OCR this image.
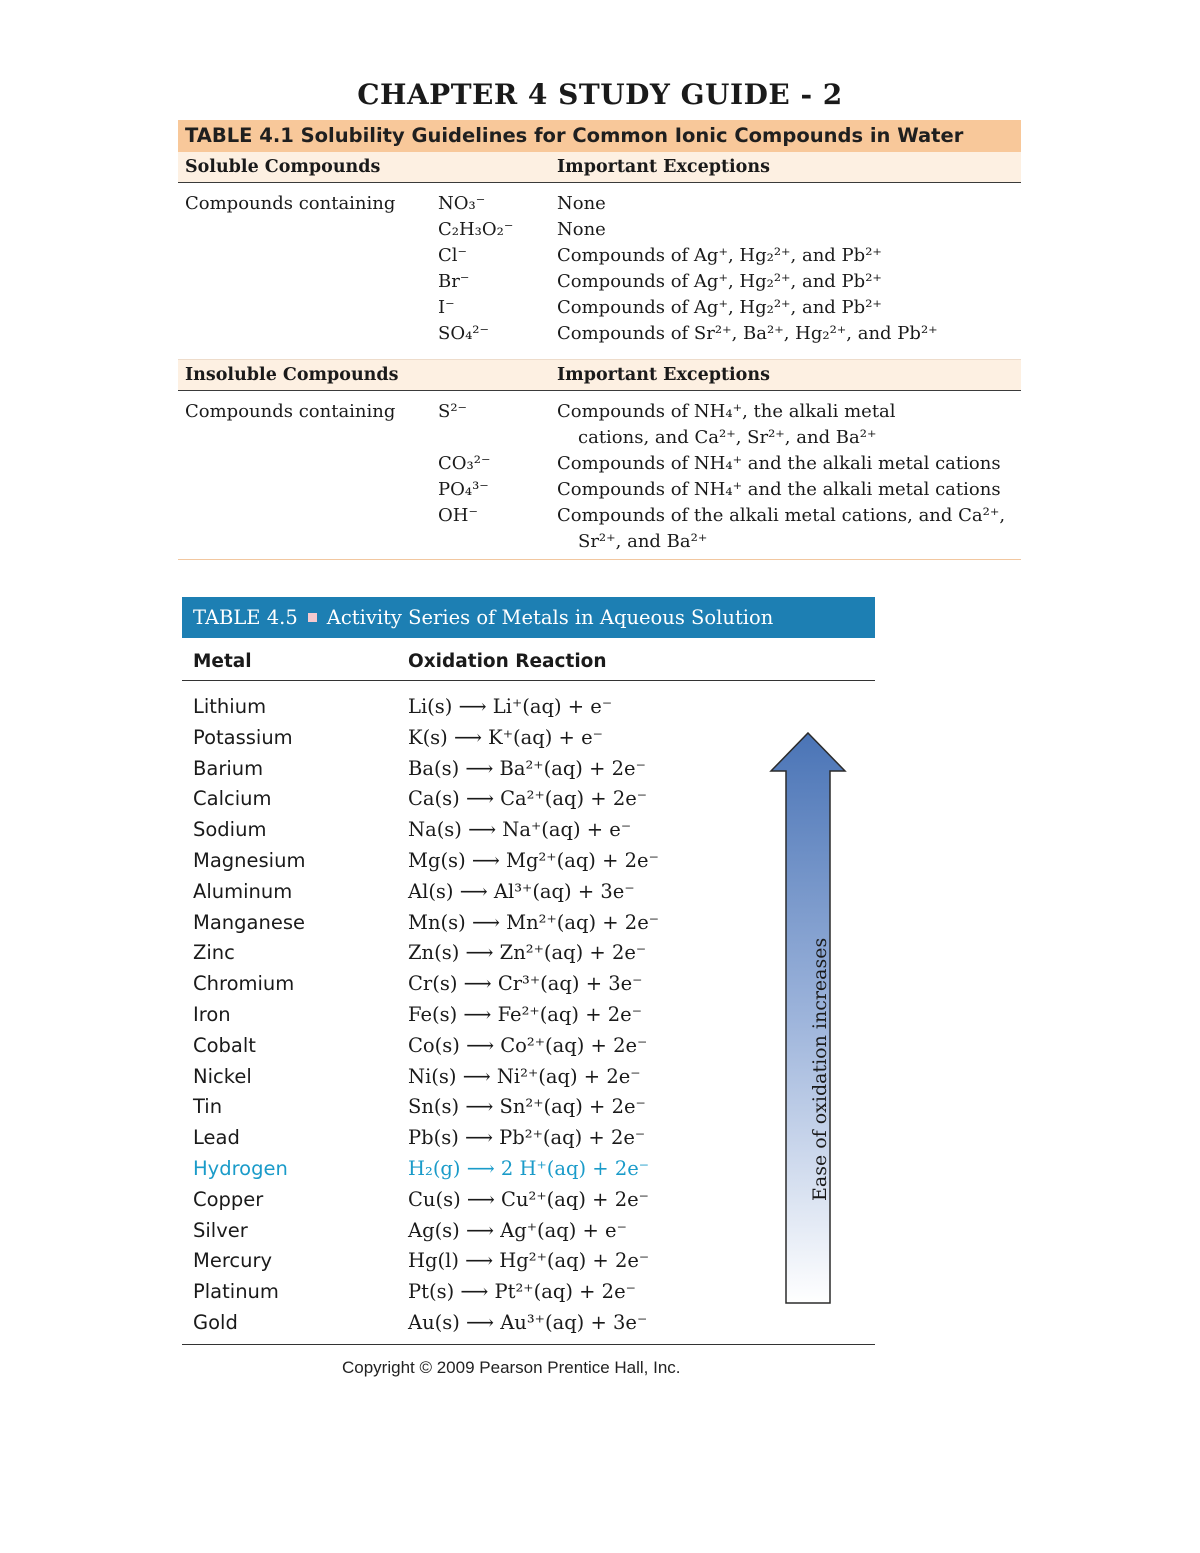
CHAPTER 4 STUDY GUIDE - 2
TABLE 4.1 Solubility Guidelines for Common Ionic Compounds in Water
Soluble Compounds	Important Exceptions
Compounds containing NO₃⁻	None
C₂H₃O₂⁻ None
Cl⁻	Compounds of Ag⁺, Hg₂²⁺, and Pb²⁺
Br⁻	Compounds of Ag⁺, Hg₂²⁺, and Pb²⁺
I⁻	Compounds of Ag⁺, Hg₂²⁺, and Pb²⁺
SO₄²⁻	Compounds of Sr²⁺, Ba²⁺, Hg₂²⁺, and Pb²⁺
Insoluble Compounds	Important Exceptions
Compounds containing S²⁻	Compounds of NH₄⁺, the alkali metal
cations, and Ca²⁺, Sr²⁺, and Ba²⁺
CO₃²⁻	Compounds of NH₄⁺ and the alkali metal cations
PO₄³⁻	Compounds of NH₄⁺ and the alkali metal cations
OH⁻	Compounds of the alkali metal cations, and Ca²⁺,
Sr²⁺, and Ba²⁺
TABLE 4.5 Activity Series of Metals in Aqueous Solution
Metal	Oxidation Reaction
Ease of oxidation increases
Lithium	Li(s) ⟶ Li⁺(aq) + e⁻
Potassium	K(s) ⟶ K⁺(aq) + e⁻
Barium	Ba(s) ⟶ Ba²⁺(aq) + 2e⁻
Calcium	Ca(s) ⟶ Ca²⁺(aq) + 2e⁻
Sodium	Na(s) ⟶ Na⁺(aq) + e⁻
Magnesium	Mg(s) ⟶ Mg²⁺(aq) + 2e⁻
Aluminum	Al(s) ⟶ Al³⁺(aq) + 3e⁻
Manganese	Mn(s) ⟶ Mn²⁺(aq) + 2e⁻
Zinc	Zn(s) ⟶ Zn²⁺(aq) + 2e⁻
Chromium	Cr(s) ⟶ Cr³⁺(aq) + 3e⁻
Iron	Fe(s) ⟶ Fe²⁺(aq) + 2e⁻
Cobalt	Co(s) ⟶ Co²⁺(aq) + 2e⁻
Nickel	Ni(s) ⟶ Ni²⁺(aq) + 2e⁻
Tin	Sn(s) ⟶ Sn²⁺(aq) + 2e⁻
Lead	Pb(s) ⟶ Pb²⁺(aq) + 2e⁻
Hydrogen	H₂(g) ⟶ 2 H⁺(aq) + 2e⁻
Copper	Cu(s) ⟶ Cu²⁺(aq) + 2e⁻
Silver	Ag(s) ⟶ Ag⁺(aq) + e⁻
Mercury	Hg(l) ⟶ Hg²⁺(aq) + 2e⁻
Platinum	Pt(s) ⟶ Pt²⁺(aq) + 2e⁻
Gold	Au(s) ⟶ Au³⁺(aq) + 3e⁻
Copyright © 2009 Pearson Prentice Hall, Inc.
